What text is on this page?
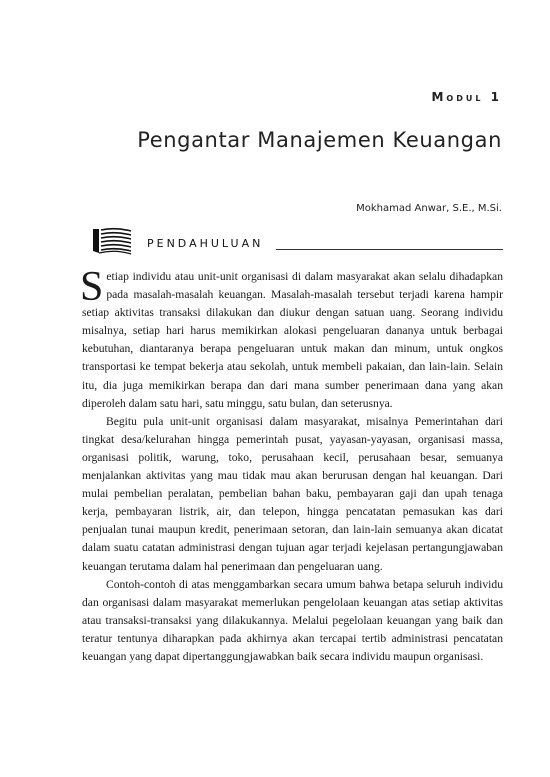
Modul 1
Pengantar Manajemen Keuangan
Mokhamad Anwar, S.E., M.Si.
PENDAHULUAN

Setiap individu atau unit-unit organisasi di dalam masyarakat akan selalu dihadapkan pada masalah-masalah keuangan. Masalah-masalah tersebut terjadi karena hampir setiap aktivitas transaksi dilakukan dan diukur dengan satuan uang. Seorang individu misalnya, setiap hari harus memikirkan alokasi pengeluaran dananya untuk berbagai kebutuhan, diantaranya berapa pengeluaran untuk makan dan minum, untuk ongkos transportasi ke tempat bekerja atau sekolah, untuk membeli pakaian, dan lain-lain. Selain itu, dia juga memikirkan berapa dan dari mana sumber penerimaan dana yang akan diperoleh dalam satu hari, satu minggu, satu bulan, dan seterusnya.

Begitu pula unit-unit organisasi dalam masyarakat, misalnya Pemerintahan dari tingkat desa/kelurahan hingga pemerintah pusat, yayasan-yayasan, organisasi massa, organisasi politik, warung, toko, perusahaan kecil, perusahaan besar, semuanya menjalankan aktivitas yang mau tidak mau akan berurusan dengan hal keuangan. Dari mulai pembelian peralatan, pembelian bahan baku, pembayaran gaji dan upah tenaga kerja, pembayaran listrik, air, dan telepon, hingga pencatatan pemasukan kas dari penjualan tunai maupun kredit, penerimaan setoran, dan lain-lain semuanya akan dicatat dalam suatu catatan administrasi dengan tujuan agar terjadi kejelasan pertangungjawaban keuangan terutama dalam hal penerimaan dan pengeluaran uang.

Contoh-contoh di atas menggambarkan secara umum bahwa betapa seluruh individu dan organisasi dalam masyarakat memerlukan pengelolaan keuangan atas setiap aktivitas atau transaksi-transaksi yang dilakukannya. Melalui pegelolaan keuangan yang baik dan teratur tentunya diharapkan pada akhirnya akan tercapai tertib administrasi pencatatan keuangan yang dapat dipertanggungjawabkan baik secara individu maupun organisasi.
